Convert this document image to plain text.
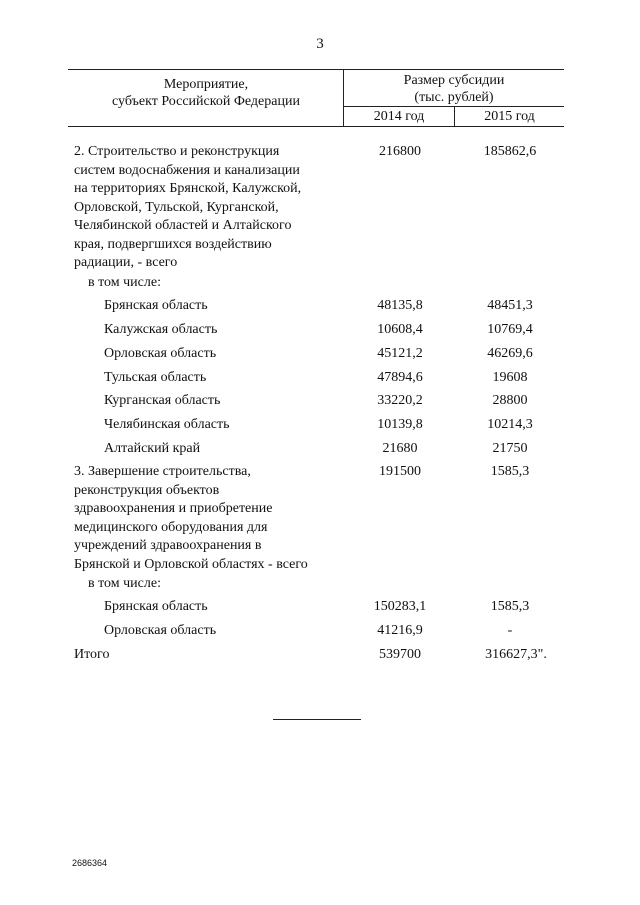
3
Мероприятие,
субъект Российской Федерации
Размер субсидии
(тыс. рублей)
2014 год	2015 год
2. Строительство и реконструкция
систем водоснабжения и канализации
на территориях Брянской, Калужской,
Орловской, Тульской, Курганской,
Челябинской областей и Алтайского
края, подвергшихся воздействию
радиации, - всего
216800	185862,6
в том числе:
Брянская область	48135,8	48451,3
Калужская область	10608,4	10769,4
Орловская область	45121,2	46269,6
Тульская область	47894,6	19608
Курганская область	33220,2	28800
Челябинская область	10139,8	10214,3
Алтайский край	21680	21750
3. Завершение строительства,
реконструкция объектов
здравоохранения и приобретение
медицинского оборудования для
учреждений здравоохранения в
Брянской и Орловской областях - всего
191500	1585,3
в том числе:
Брянская область	150283,1	1585,3
Орловская область	41216,9	-
Итого	539700	316627,3".
2686364
